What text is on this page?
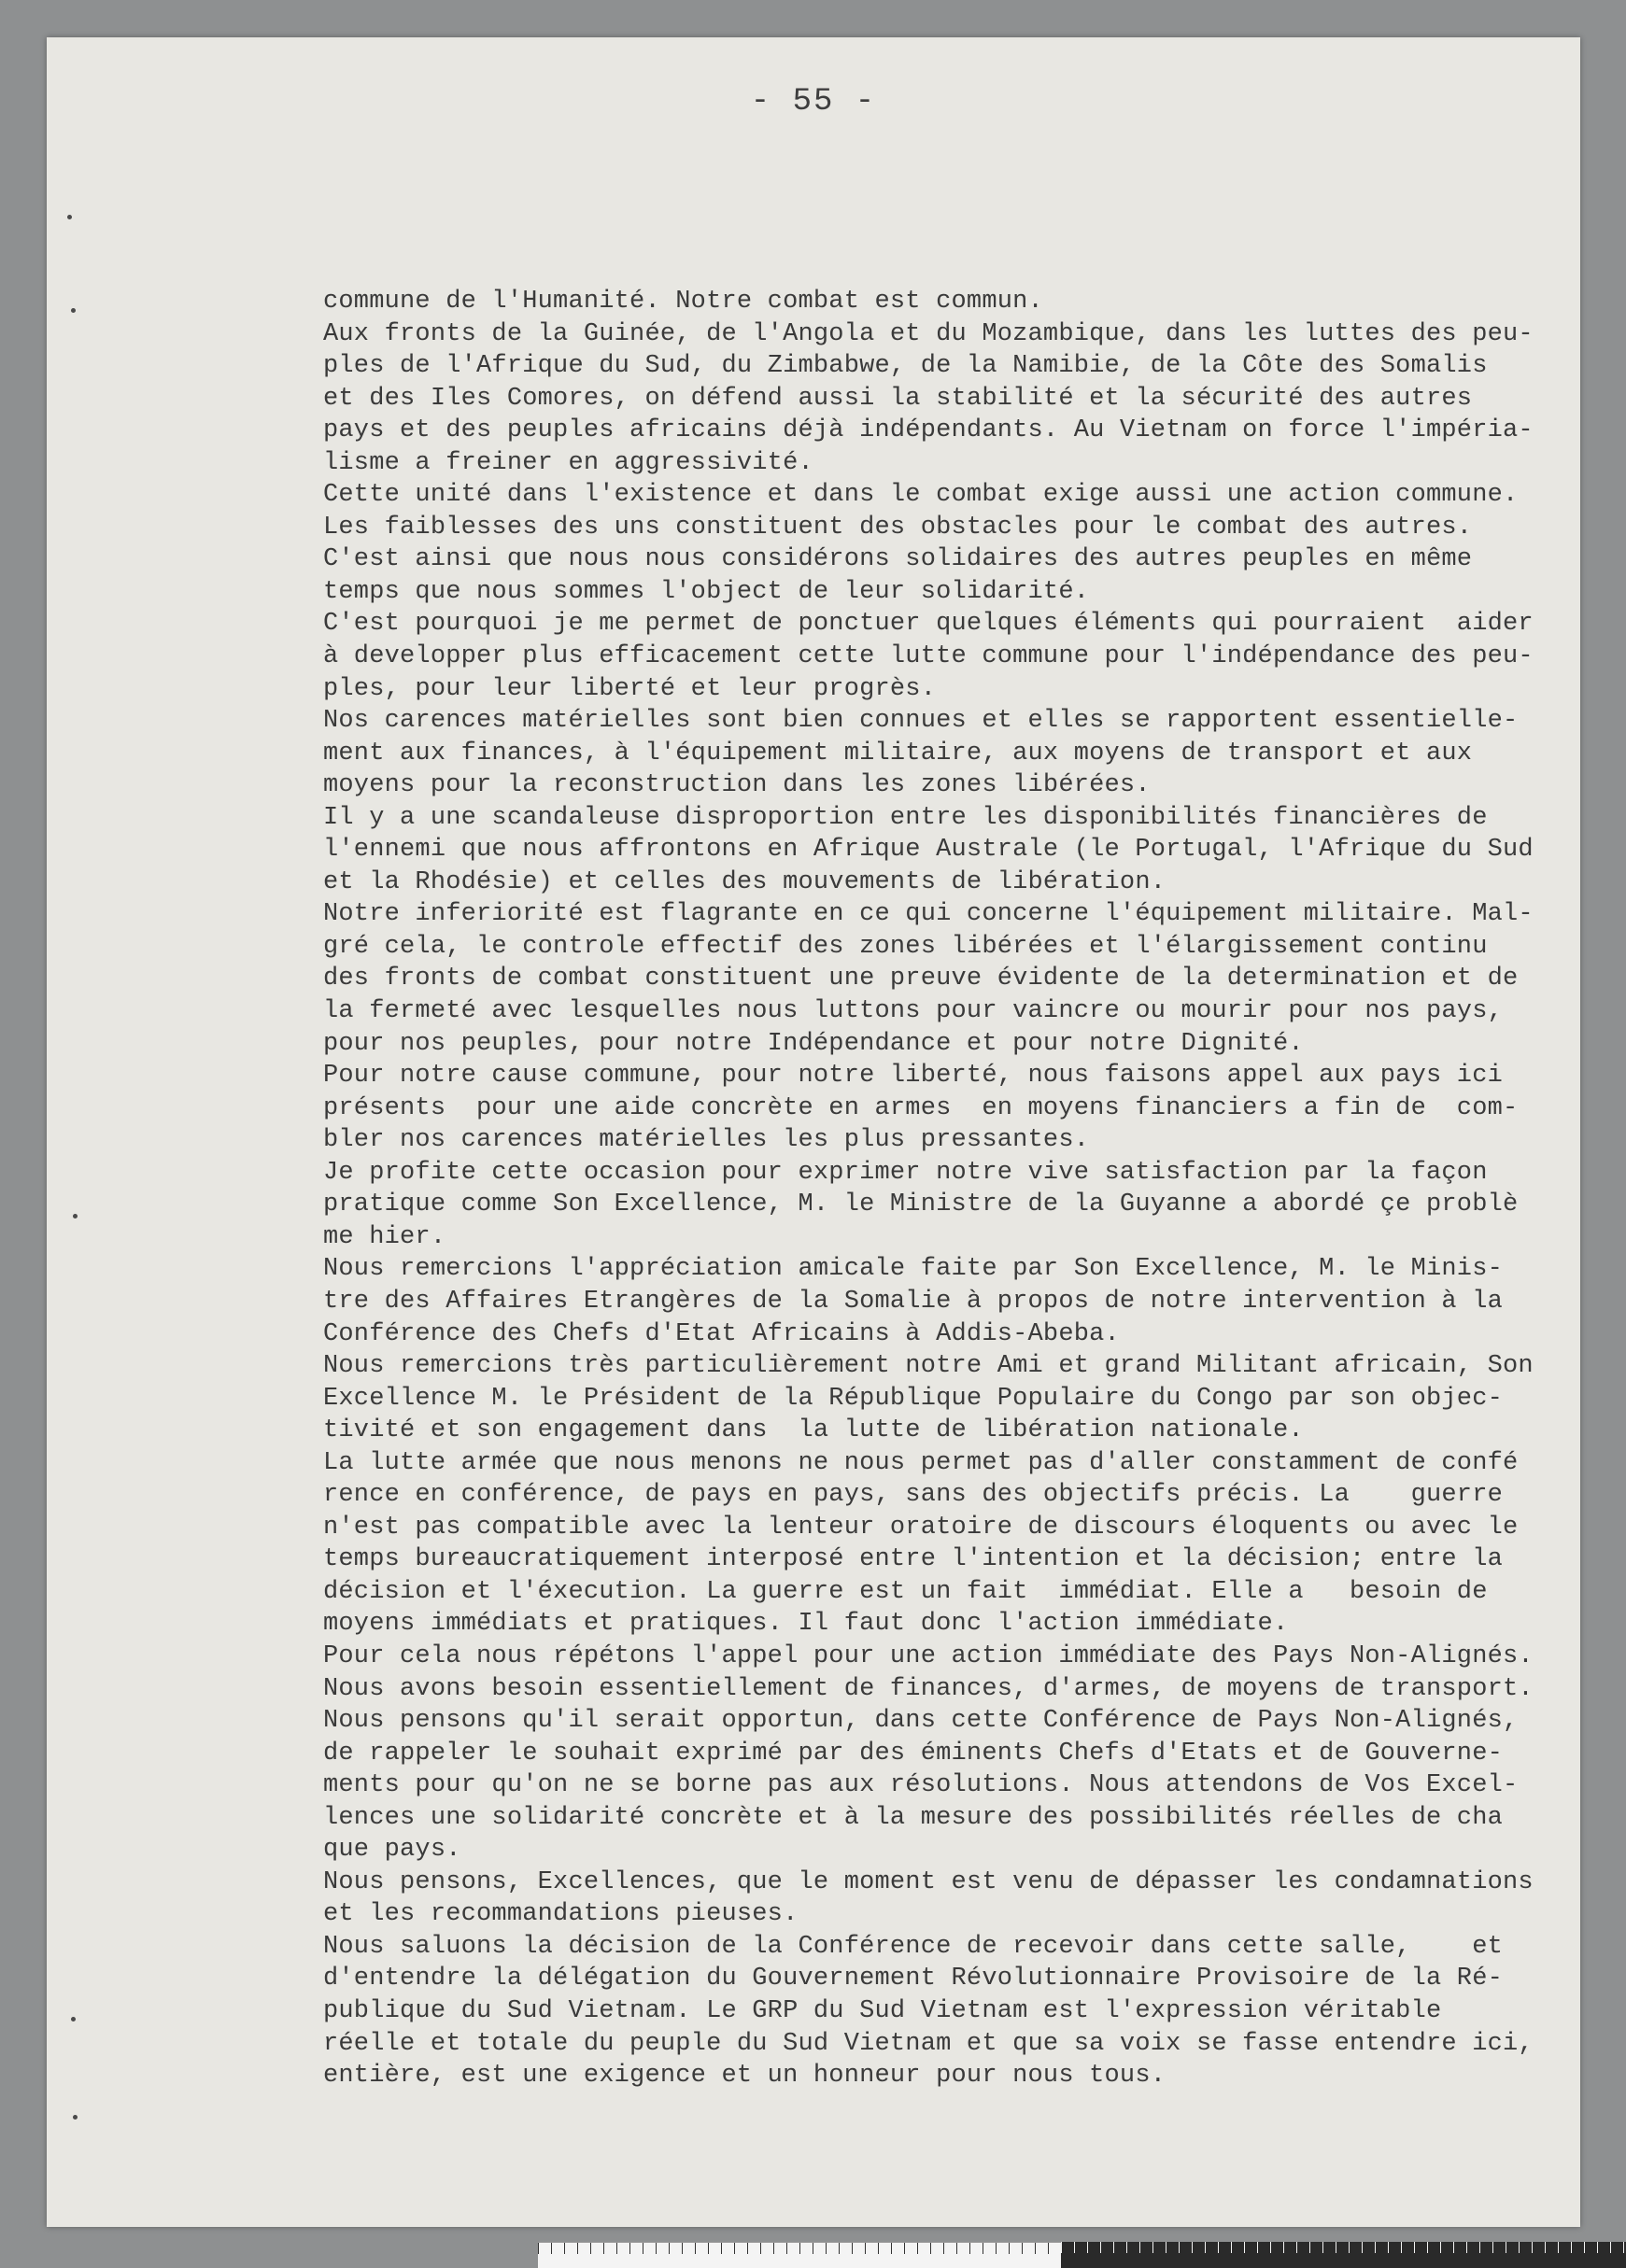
- 55 -
commune de l'Humanité. Notre combat est commun.
Aux fronts de la Guinée, de l'Angola et du Mozambique, dans les luttes des peu-
ples de l'Afrique du Sud, du Zimbabwe, de la Namibie, de la Côte des Somalis
et des Iles Comores, on défend aussi la stabilité et la sécurité des autres
pays et des peuples africains déjà indépendants. Au Vietnam on force l'impéria-
lisme a freiner en aggressivité.
Cette unité dans l'existence et dans le combat exige aussi une action commune.
Les faiblesses des uns constituent des obstacles pour le combat des autres.
C'est ainsi que nous nous considérons solidaires des autres peuples en même
temps que nous sommes l'object de leur solidarité.
C'est pourquoi je me permet de ponctuer quelques éléments qui pourraient  aider
à developper plus efficacement cette lutte commune pour l'indépendance des peu-
ples, pour leur liberté et leur progrès.
Nos carences matérielles sont bien connues et elles se rapportent essentielle-
ment aux finances, à l'équipement militaire, aux moyens de transport et aux
moyens pour la reconstruction dans les zones libérées.
Il y a une scandaleuse disproportion entre les disponibilités financières de
l'ennemi que nous affrontons en Afrique Australe (le Portugal, l'Afrique du Sud
et la Rhodésie) et celles des mouvements de libération.
Notre inferiorité est flagrante en ce qui concerne l'équipement militaire. Mal-
gré cela, le controle effectif des zones libérées et l'élargissement continu
des fronts de combat constituent une preuve évidente de la determination et de
la fermeté avec lesquelles nous luttons pour vaincre ou mourir pour nos pays,
pour nos peuples, pour notre Indépendance et pour notre Dignité.
Pour notre cause commune, pour notre liberté, nous faisons appel aux pays ici
présents  pour une aide concrète en armes  en moyens financiers a fin de  com-
bler nos carences matérielles les plus pressantes.
Je profite cette occasion pour exprimer notre vive satisfaction par la façon
pratique comme Son Excellence, M. le Ministre de la Guyanne a abordé çe problè
me hier.
Nous remercions l'appréciation amicale faite par Son Excellence, M. le Minis-
tre des Affaires Etrangères de la Somalie à propos de notre intervention à la
Conférence des Chefs d'Etat Africains à Addis-Abeba.
Nous remercions très particulièrement notre Ami et grand Militant africain, Son
Excellence M. le Président de la République Populaire du Congo par son objec-
tivité et son engagement dans  la lutte de libération nationale.
La lutte armée que nous menons ne nous permet pas d'aller constamment de confé
rence en conférence, de pays en pays, sans des objectifs précis. La    guerre
n'est pas compatible avec la lenteur oratoire de discours éloquents ou avec le
temps bureaucratiquement interposé entre l'intention et la décision; entre la
décision et l'éxecution. La guerre est un fait  immédiat. Elle a   besoin de
moyens immédiats et pratiques. Il faut donc l'action immédiate.
Pour cela nous répétons l'appel pour une action immédiate des Pays Non-Alignés.
Nous avons besoin essentiellement de finances, d'armes, de moyens de transport.
Nous pensons qu'il serait opportun, dans cette Conférence de Pays Non-Alignés,
de rappeler le souhait exprimé par des éminents Chefs d'Etats et de Gouverne-
ments pour qu'on ne se borne pas aux résolutions. Nous attendons de Vos Excel-
lences une solidarité concrète et à la mesure des possibilités réelles de cha
que pays.
Nous pensons, Excellences, que le moment est venu de dépasser les condamnations
et les recommandations pieuses.
Nous saluons la décision de la Conférence de recevoir dans cette salle,    et
d'entendre la délégation du Gouvernement Révolutionnaire Provisoire de la Ré-
publique du Sud Vietnam. Le GRP du Sud Vietnam est l'expression véritable
réelle et totale du peuple du Sud Vietnam et que sa voix se fasse entendre ici,
entière, est une exigence et un honneur pour nous tous.
